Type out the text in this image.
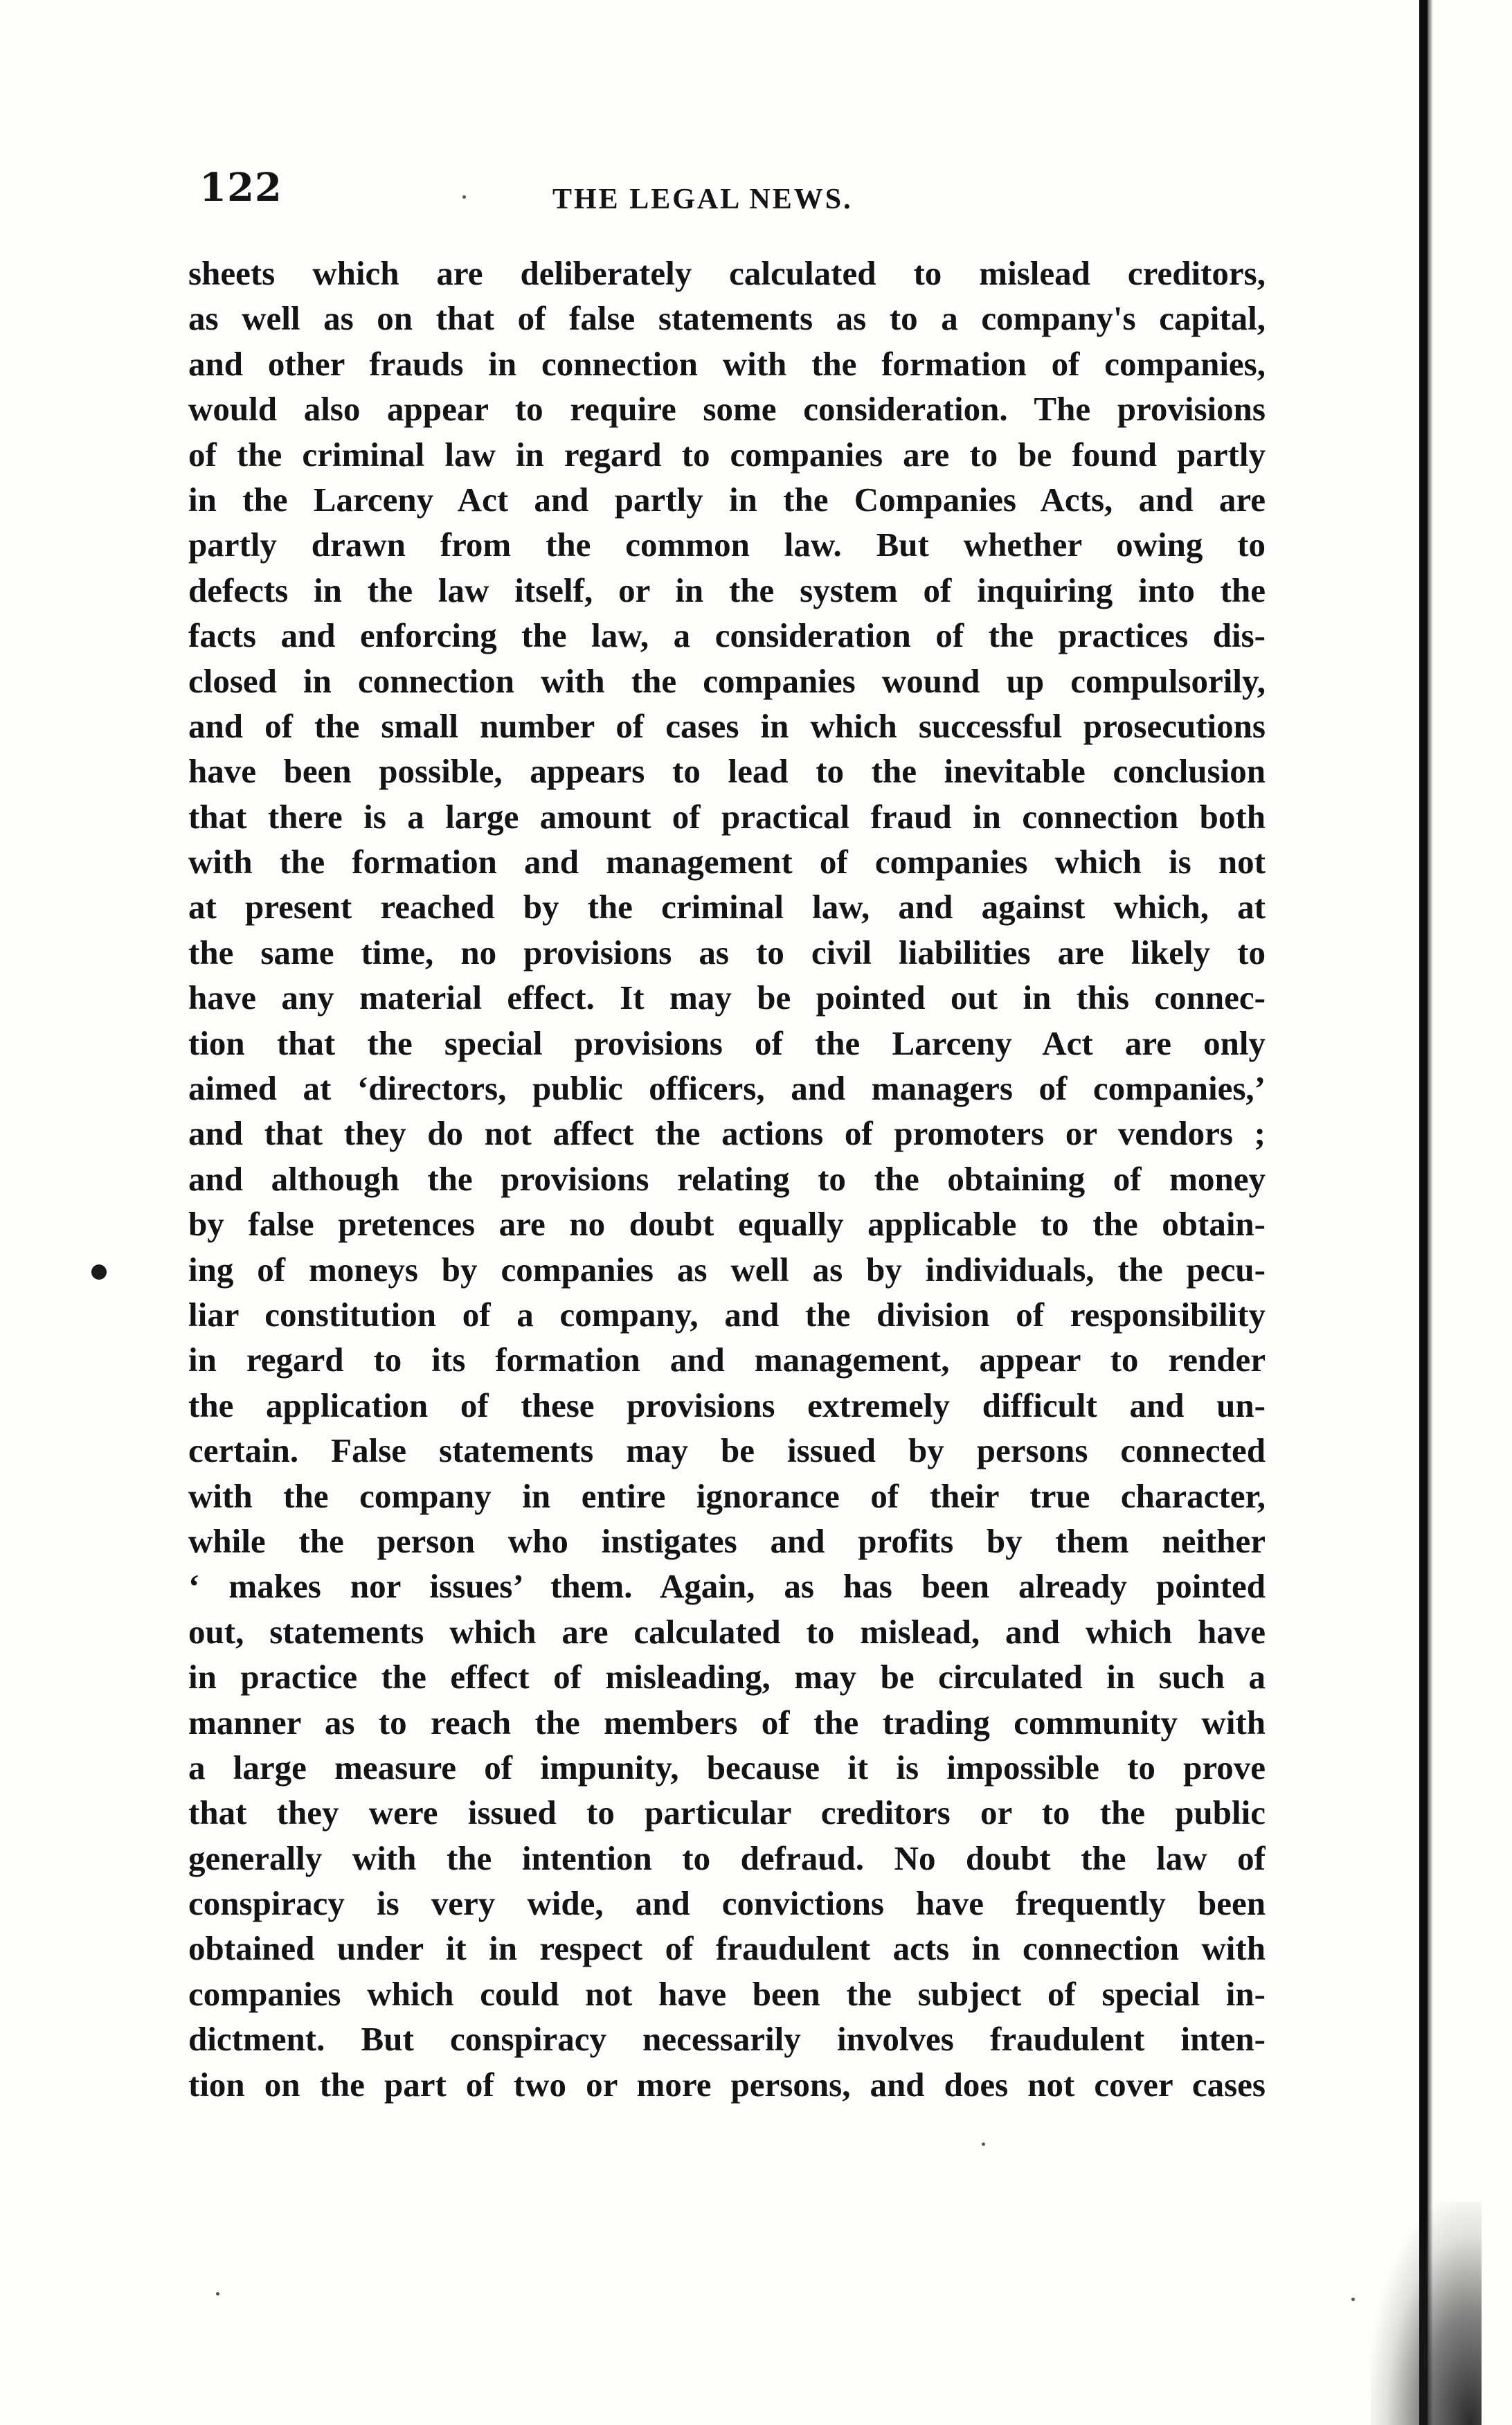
122	THE LEGAL NEWS.
sheets which are deliberately calculated to mislead creditors,
as well as on that of false statements as to a company's capital,
and other frauds in connection with the formation of companies,
would also appear to require some consideration. The provisions
of the criminal law in regard to companies are to be found partly
in the Larceny Act and partly in the Companies Acts, and are
partly drawn from the common law. But whether owing to
defects in the law itself, or in the system of inquiring into the
facts and enforcing the law, a consideration of the practices dis-
closed in connection with the companies wound up compulsorily,
and of the small number of cases in which successful prosecutions
have been possible, appears to lead to the inevitable conclusion
that there is a large amount of practical fraud in connection both
with the formation and management of companies which is not
at present reached by the criminal law, and against which, at
the same time, no provisions as to civil liabilities are likely to
have any material effect. It may be pointed out in this connec-
tion that the special provisions of the Larceny Act are only
aimed at ‘directors, public officers, and managers of companies,’
and that they do not affect the actions of promoters or vendors ;
and although the provisions relating to the obtaining of money
by false pretences are no doubt equally applicable to the obtain-
ing of moneys by companies as well as by individuals, the pecu-
liar constitution of a company, and the division of responsibility
in regard to its formation and management, appear to render
the application of these provisions extremely difficult and un-
certain. False statements may be issued by persons connected
with the company in entire ignorance of their true character,
while the person who instigates and profits by them neither
‘ makes nor issues’ them. Again, as has been already pointed
out, statements which are calculated to mislead, and which have
in practice the effect of misleading, may be circulated in such a
manner as to reach the members of the trading community with
a large measure of impunity, because it is impossible to prove
that they were issued to particular creditors or to the public
generally with the intention to defraud. No doubt the law of
conspiracy is very wide, and convictions have frequently been
obtained under it in respect of fraudulent acts in connection with
companies which could not have been the subject of special in-
dictment. But conspiracy necessarily involves fraudulent inten-
tion on the part of two or more persons, and does not cover cases
